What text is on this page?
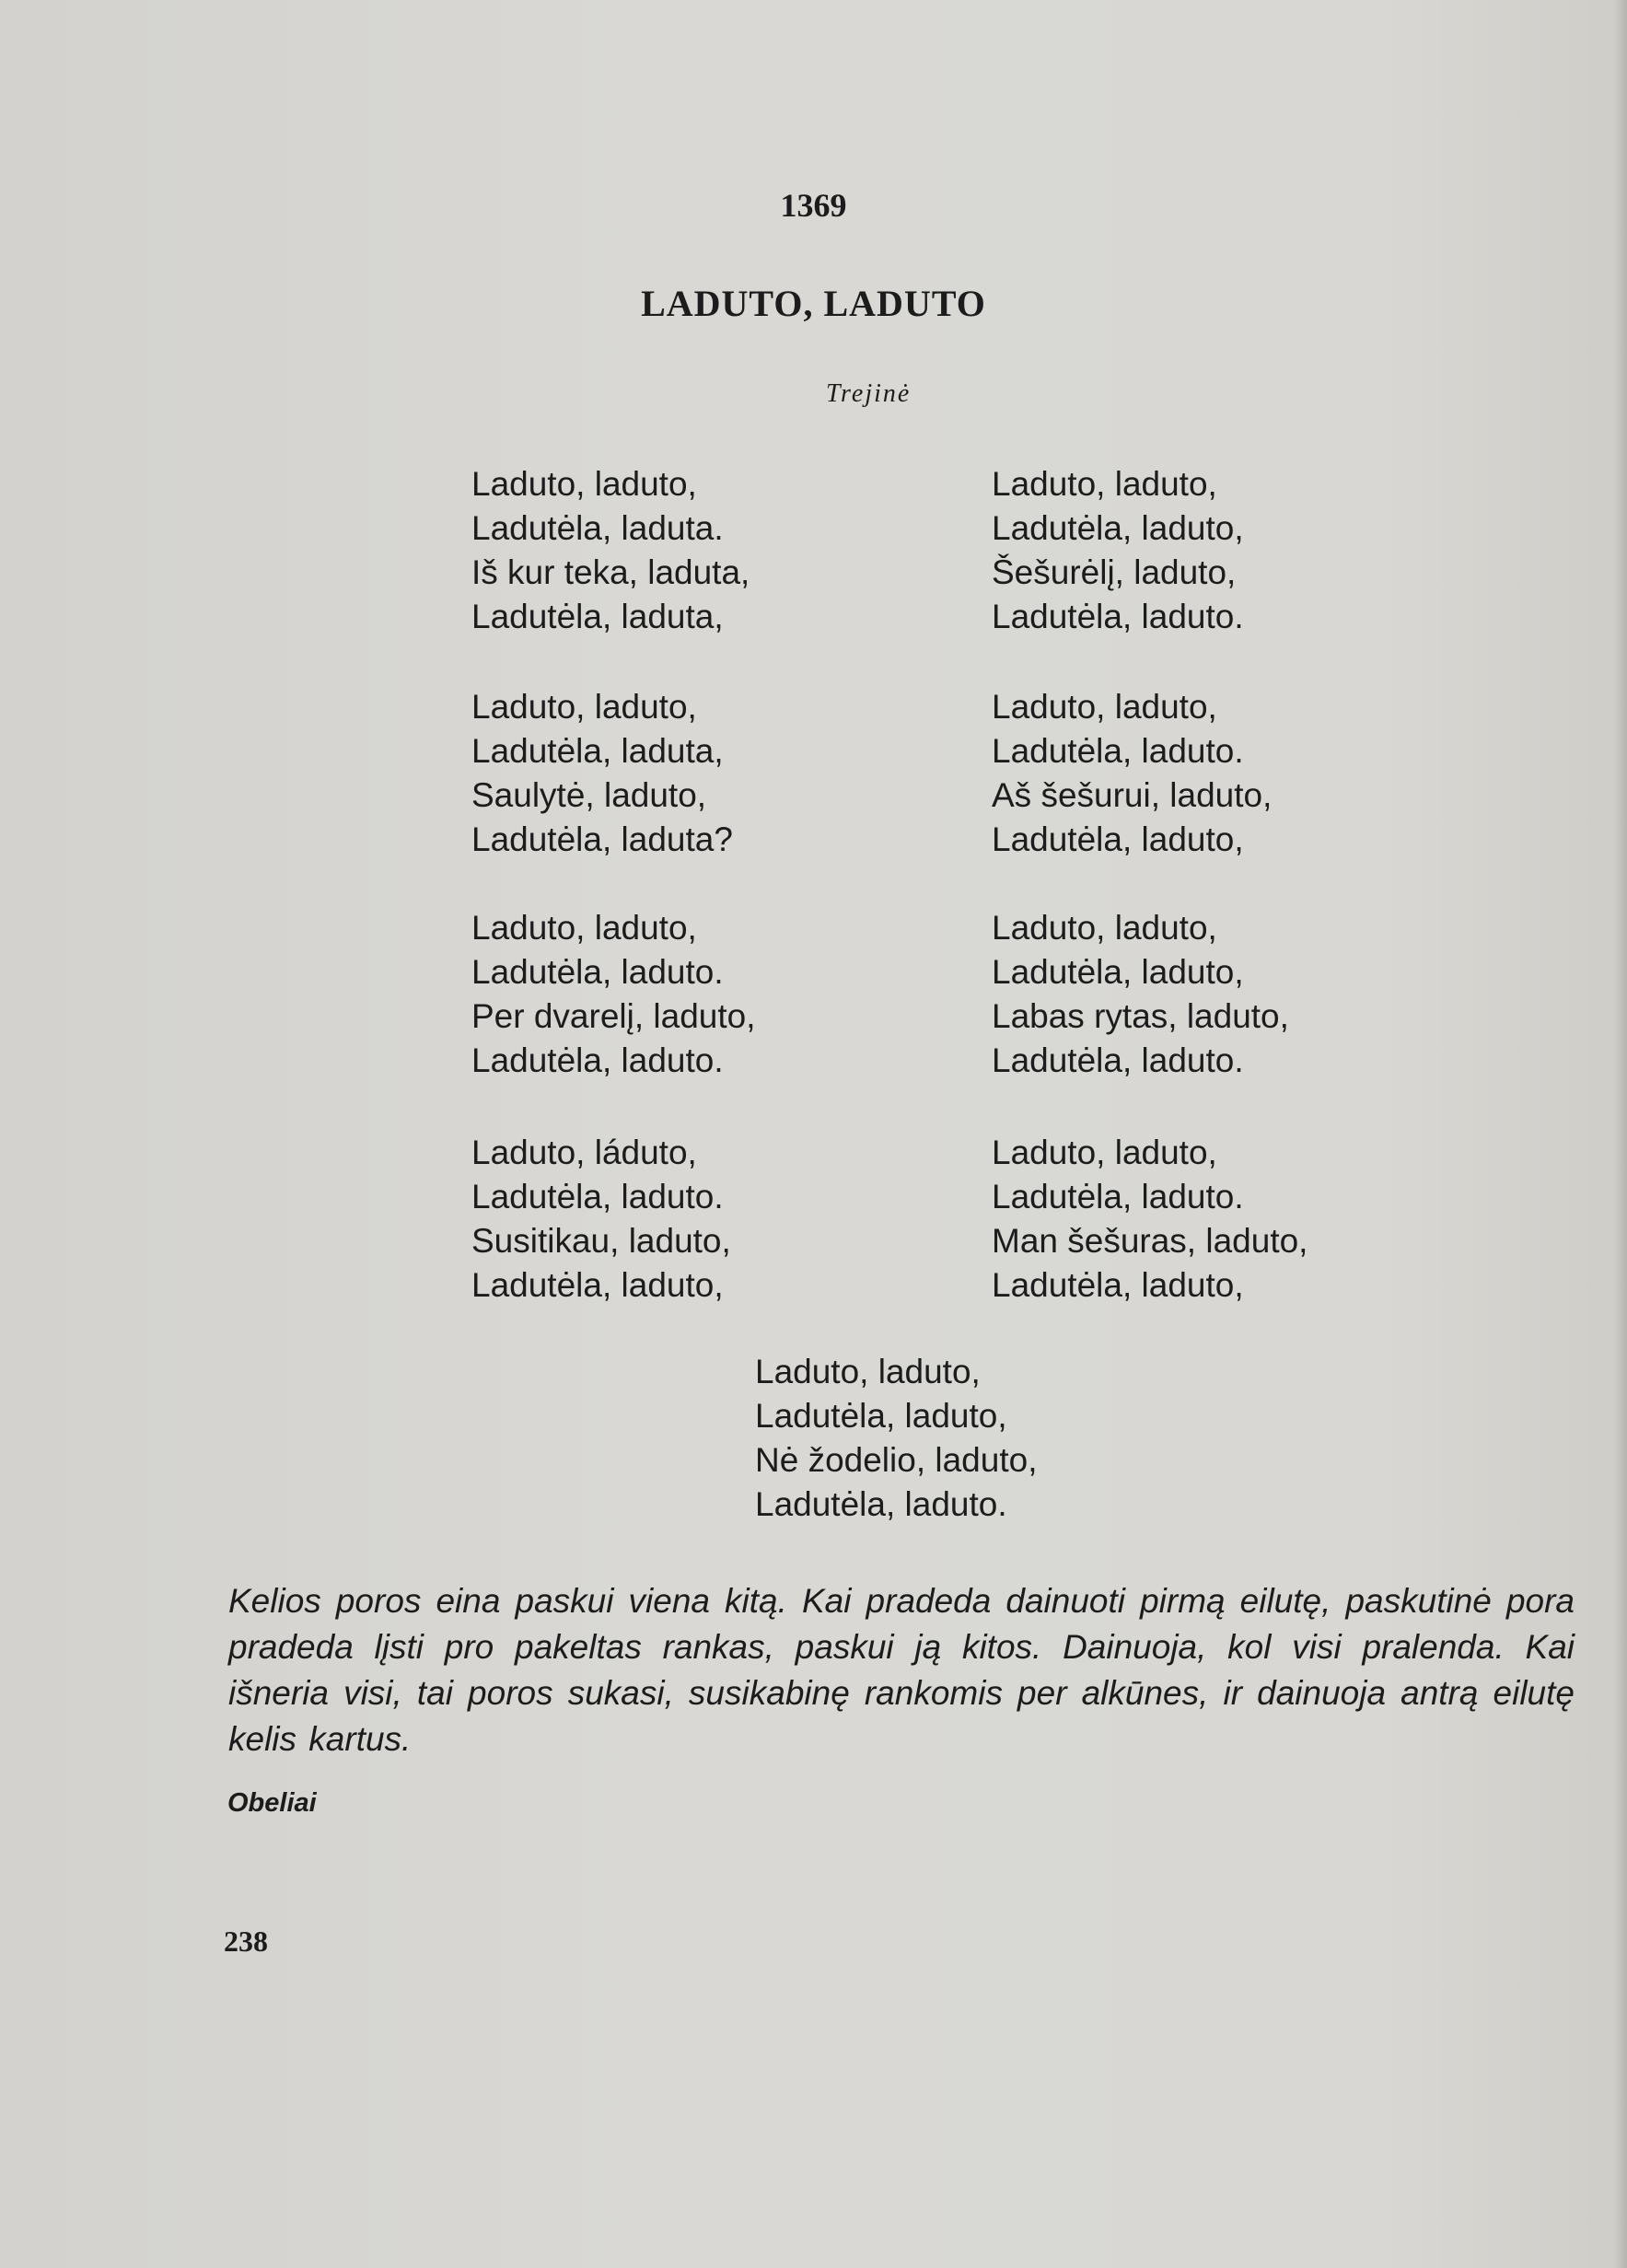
1369
LADUTO, LADUTO
Trejinė
Laduto, laduto,
Ladutėla, laduta.
Iš kur teka, laduta,
Ladutėla, laduta,
Laduto, laduto,
Ladutėla, laduta,
Saulytė, laduto,
Ladutėla, laduta?
Laduto, laduto,
Ladutėla, laduto.
Per dvarelį, laduto,
Ladutėla, laduto.
Laduto, láduto,
Ladutėla, laduto.
Susitikau, laduto,
Ladutėla, laduto,
Laduto, laduto,
Ladutėla, laduto,
Šešurėlį, laduto,
Ladutėla, laduto.
Laduto, laduto,
Ladutėla, laduto.
Aš šešurui, laduto,
Ladutėla, laduto,
Laduto, laduto,
Ladutėla, laduto,
Labas rytas, laduto,
Ladutėla, laduto.
Laduto, laduto,
Ladutėla, laduto.
Man šešuras, laduto,
Ladutėla, laduto,
Laduto, laduto,
Ladutėla, laduto,
Nė žodelio, laduto,
Ladutėla, laduto.
Kelios poros eina paskui viena kitą. Kai pradeda dainuoti pirmą eilutę, paskutinė pora pradeda lįsti pro pakeltas rankas, paskui ją kitos. Dainuoja, kol visi pralenda. Kai išneria visi, tai poros sukasi, susikabinę rankomis per alkūnes, ir dainuoja antrą eilutę kelis kartus.
Obeliai
238
